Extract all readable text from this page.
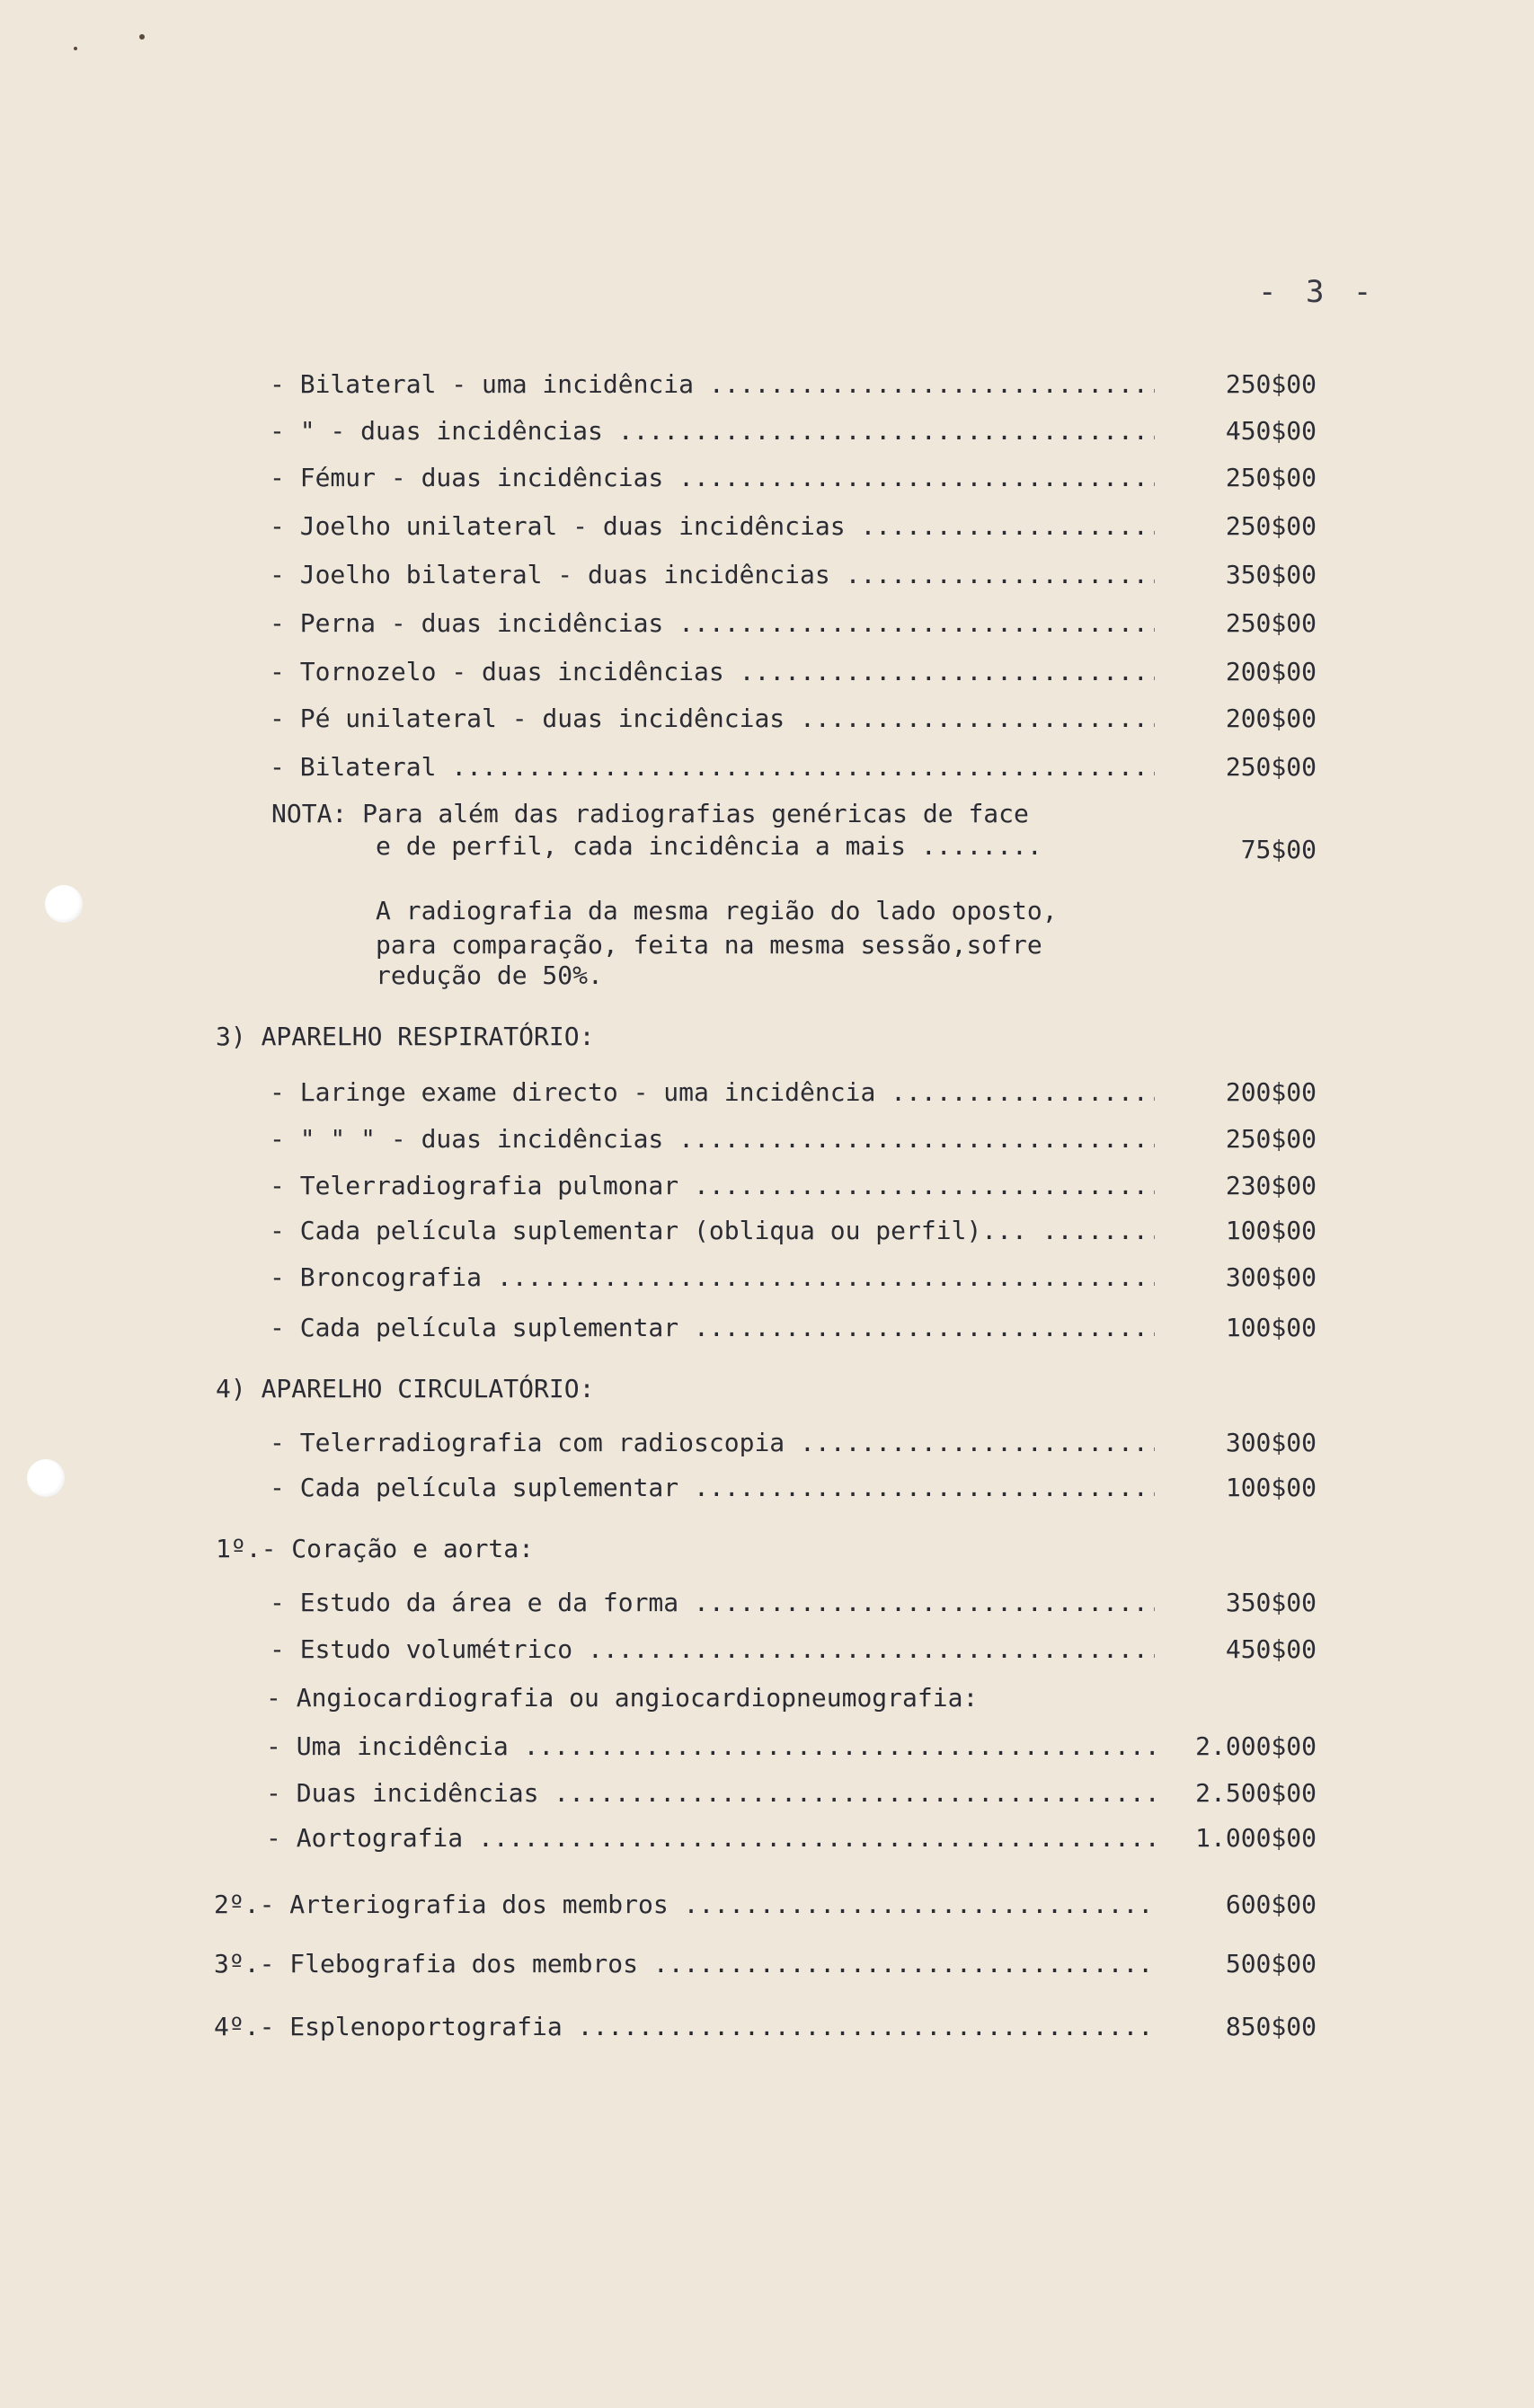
- 3 -
- Bilateral - uma incidência .....	250$00
- " - duas incidências .....	450$00
- Fémur - duas incidências .....	250$00
- Joelho unilateral - duas incidências .....	250$00
- Joelho bilateral - duas incidências .....	350$00
- Perna - duas incidências .....	250$00
- Tornozelo - duas incidências .....	200$00
- Pé unilateral - duas incidências .....	200$00
- Bilateral .....	250$00
NOTA: Para além das radiografias genéricas de face
e de perfil, cada incidência a mais ........	75$00
A radiografia da mesma região do lado oposto,
para comparação, feita na mesma sessão,sofre
redução de 50%.
3) APARELHO RESPIRATÓRIO:
- Laringe exame directo - uma incidência .....	200$00
- " " " - duas incidências .....	250$00
- Telerradiografia pulmonar .....	230$00
- Cada película suplementar (obliqua ou perfil)... .....	100$00
- Broncografia .....	300$00
- Cada película suplementar .....	100$00
4) APARELHO CIRCULATÓRIO:
- Telerradiografia com radioscopia .....	300$00
- Cada película suplementar .....	100$00
1º.- Coração e aorta:
- Estudo da área e da forma .....	350$00
- Estudo volumétrico .....	450$00
- Angiocardiografia ou angiocardiopneumografia:
- Uma incidência .....	2.000$00
- Duas incidências .....	2.500$00
- Aortografia .....	1.000$00
2º.- Arteriografia dos membros .....	600$00
3º.- Flebografia dos membros .....	500$00
4º.- Esplenoportografia .....	850$00
